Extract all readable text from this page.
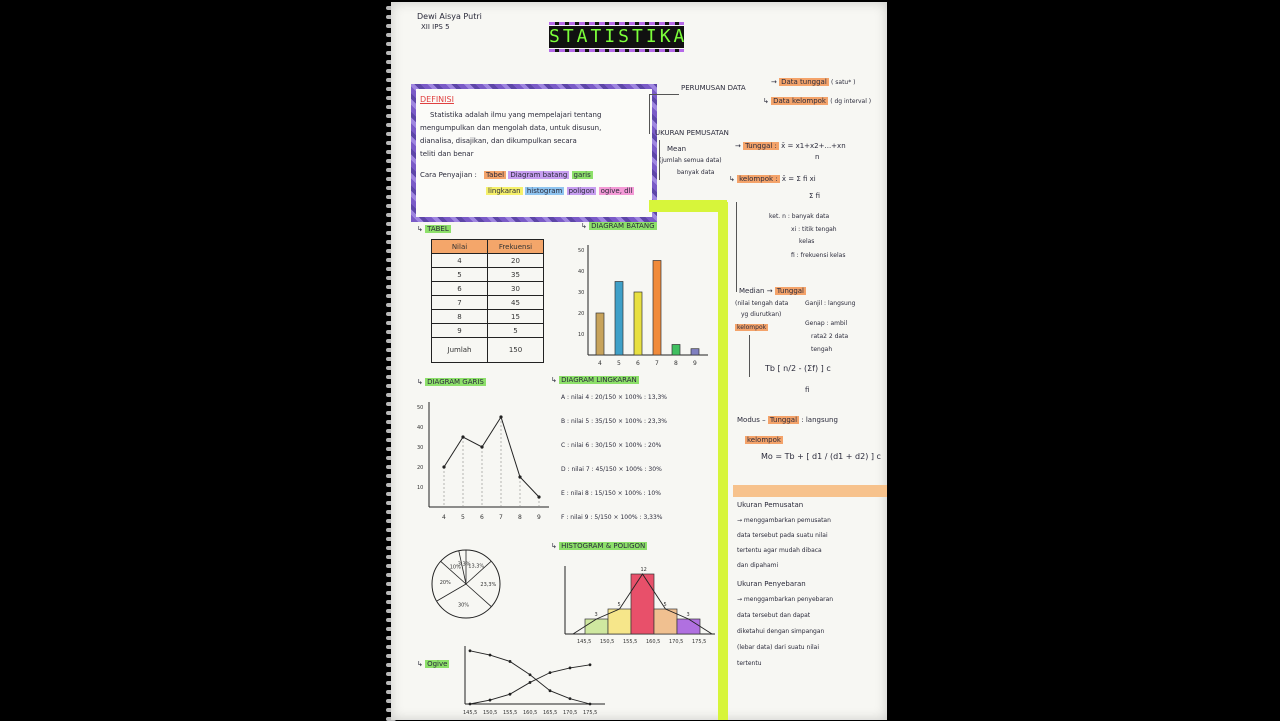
Dewi Aisya Putri
XII IPS 5	STATISTIKA
DEFINISI
Statistika adalah ilmu yang mempelajari tentang
mengumpulkan dan mengolah data, untuk disusun,
dianalisa, disajikan, dan dikumpulkan secara
teliti dan benar
Cara Penyajian : Tabel Diagram batang garis
lingkaran histogram poligon ogive, dll
PERUMUSAN DATA
→ Data tunggal ( satu* )
↳ Data kelompok ( dg interval )
UKURAN PEMUSATAN
Mean	→ Tunggal : x̄ = x1+x2+...+xn
n
(jumlah semua data)
banyak data
↳ kelompok : x̄ = Σ fi xi
Σ fi
ket. n : banyak data
xi : titik tengah
kelas
fi : frekuensi kelas
Median → Tunggal
(nilai tengah data
yg diurutkan)
Ganjil : langsung
Genap : ambil
rata2 2 data
tengah
kelompok
Tb [ n/2 - (Σf) ] c
fi
Modus – Tunggal : langsung
kelompok
Mo = Tb + [ d1 / (d1 + d2) ] c
↳ TABEL
Nilai	Frekuensi
4	20
5	35
6	30
7	45
8	15
9	5
Jumlah	150
↳ DIAGRAM BATANG
10
20
30
40
50
4	5	6	7	8	9
↳ DIAGRAM GARIS
10
20
30
40
50
4	5	6	7	8	9
↳ DIAGRAM LINGKARAN
A : nilai 4 : 20/150 × 100% : 13,3%
B : nilai 5 : 35/150 × 100% : 23,3%
C : nilai 6 : 30/150 × 100% : 20%
D : nilai 7 : 45/150 × 100% : 30%
E : nilai 8 : 15/150 × 100% : 10%
F : nilai 9 : 5/150 × 100% : 3,33%
13,3%
23,3%
30%
20%
10%
3,3%
↳ HISTOGRAM & POLIGON
3
5
12
5
3
145,5 150,5 155,5 160,5 170,5 175,5
↳ Ogive
145,5 150,5 155,5 160,5 165,5 170,5 175,5
Ukuran Pemusatan
→ menggambarkan pemusatan
data tersebut pada suatu nilai
tertentu agar mudah dibaca
dan dipahami
Ukuran Penyebaran
→ menggambarkan penyebaran
data tersebut dan dapat
diketahui dengan simpangan
(lebar data) dari suatu nilai
tertentu
